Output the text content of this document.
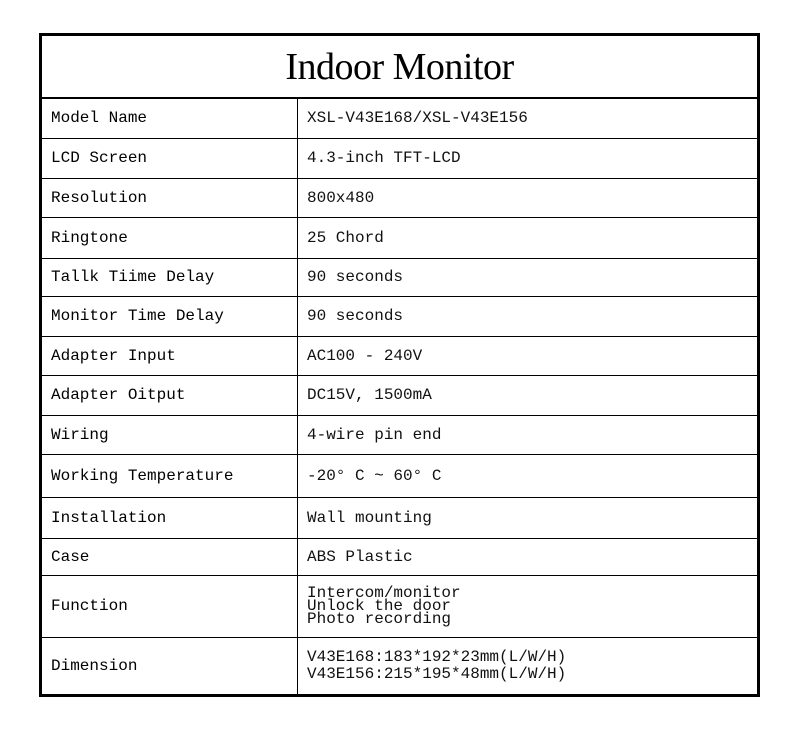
Indoor Monitor
Model Name	XSL-V43E168/XSL-V43E156
LCD Screen	4.3-inch TFT-LCD
Resolution	800x480
Ringtone	25 Chord
Tallk Tiime Delay	90 seconds
Monitor Time Delay	90 seconds
Adapter Input	AC100 - 240V
Adapter Oitput	DC15V, 1500mA
Wiring	4-wire pin end
Working Temperature	-20° C ~ 60° C
Installation	Wall mounting
Case	ABS Plastic
Function	Intercom/monitor
Unlock the door
Photo recording

Dimension	V43E168:183*192*23mm(L/W/H)
V43E156:215*195*48mm(L/W/H)
